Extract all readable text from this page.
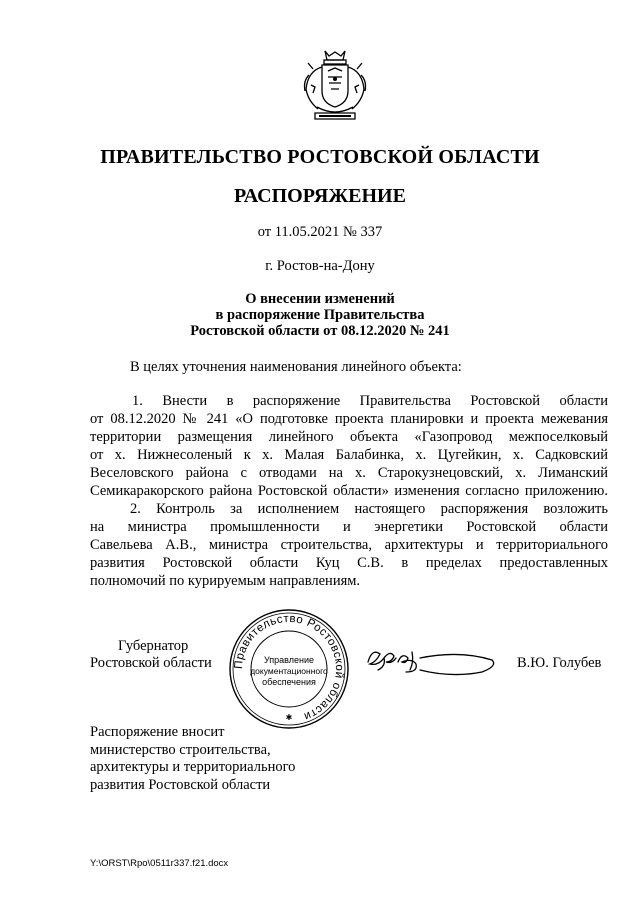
ПРАВИТЕЛЬСТВО РОСТОВСКОЙ ОБЛАСТИ
РАСПОРЯЖЕНИЕ
от 11.05.2021 № 337
г. Ростов-на-Дону
О внесении изменений
в распоряжение Правительства
Ростовской области от 08.12.2020 № 241
В целях уточнения наименования линейного объекта:
1. Внести в распоряжение Правительства Ростовской области
от 08.12.2020 № 241 «О подготовке проекта планировки и проекта межевания
территории размещения линейного объекта «Газопровод межпоселковый
от х. Нижнесоленый к х. Малая Балабинка, х. Цугейкин, х. Садковский
Веселовского района с отводами на х. Старокузнецовский, х. Лиманский
Семикаракорского района Ростовской области» изменения согласно приложению.
2. Контроль за исполнением настоящего распоряжения возложить
на министра промышленности и энергетики Ростовской области
Савельева А.В., министра строительства, архитектуры и территориального
развития Ростовской области Куц С.В. в пределах предоставленных
полномочий по курируемым направлениям.
Губернатор
Ростовской области Правительство Ростовской области
Управление
документационного
обеспечения
✱
В.Ю. Голубев
Распоряжение вносит
министерство строительства,
архитектуры и территориального
развития Ростовской области
Y:\ORST\Rpo\0511r337.f21.docx
